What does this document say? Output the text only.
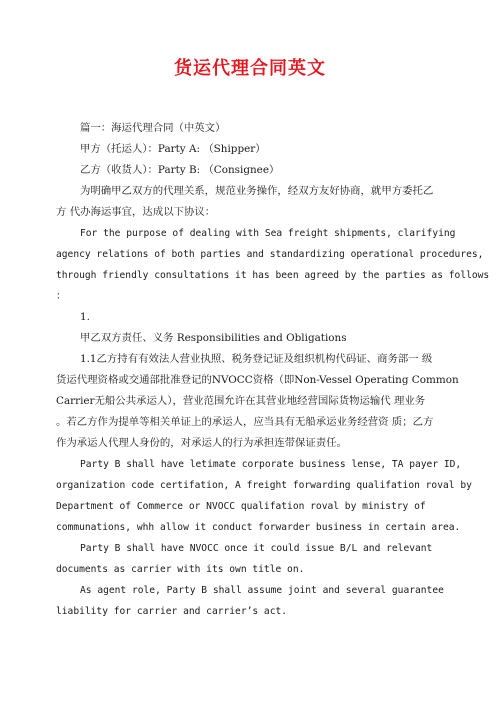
货运代理合同英文
篇一：海运代理合同（中英文）
甲方（托运人）：Party A: （Shipper）
乙方（收货人）：Party B: （Consignee）
为明确甲乙双方的代理关系，规范业务操作，经双方友好协商，就甲方委托乙
方 代办海运事宜，达成以下协议：
For the purpose of dealing with Sea freight shipments, clarifying
agency relations of both parties and standardizing operational procedures,
through friendly consultations it has been agreed by the parties as follows
：
1.
甲乙双方责任、义务 Responsibilities and Obligations
1.1乙方持有有效法人营业执照、税务登记证及组织机构代码证、商务部一 级
货运代理资格或交通部批准登记的NVOCC资格（即Non-Vessel Operating Common
Carrier无船公共承运人），营业范围允许在其营业地经营国际货物运输代 理业务
。若乙方作为提单等相关单证上的承运人，应当具有无船承运业务经营资 质；乙方
作为承运人代理人身份的，对承运人的行为承担连带保证责任。
Party B shall have letimate corporate business lense, TA payer ID,
organization code certifation, A freight forwarding qualifation roval by
Department of Commerce or NVOCC qualifation roval by ministry of
communations, whh allow it conduct forwarder business in certain area.
Party B shall have NVOCC once it could issue B/L and relevant
documents as carrier with its own title on.
As agent role, Party B shall assume joint and several guarantee
liability for carrier and carrier’s act.
